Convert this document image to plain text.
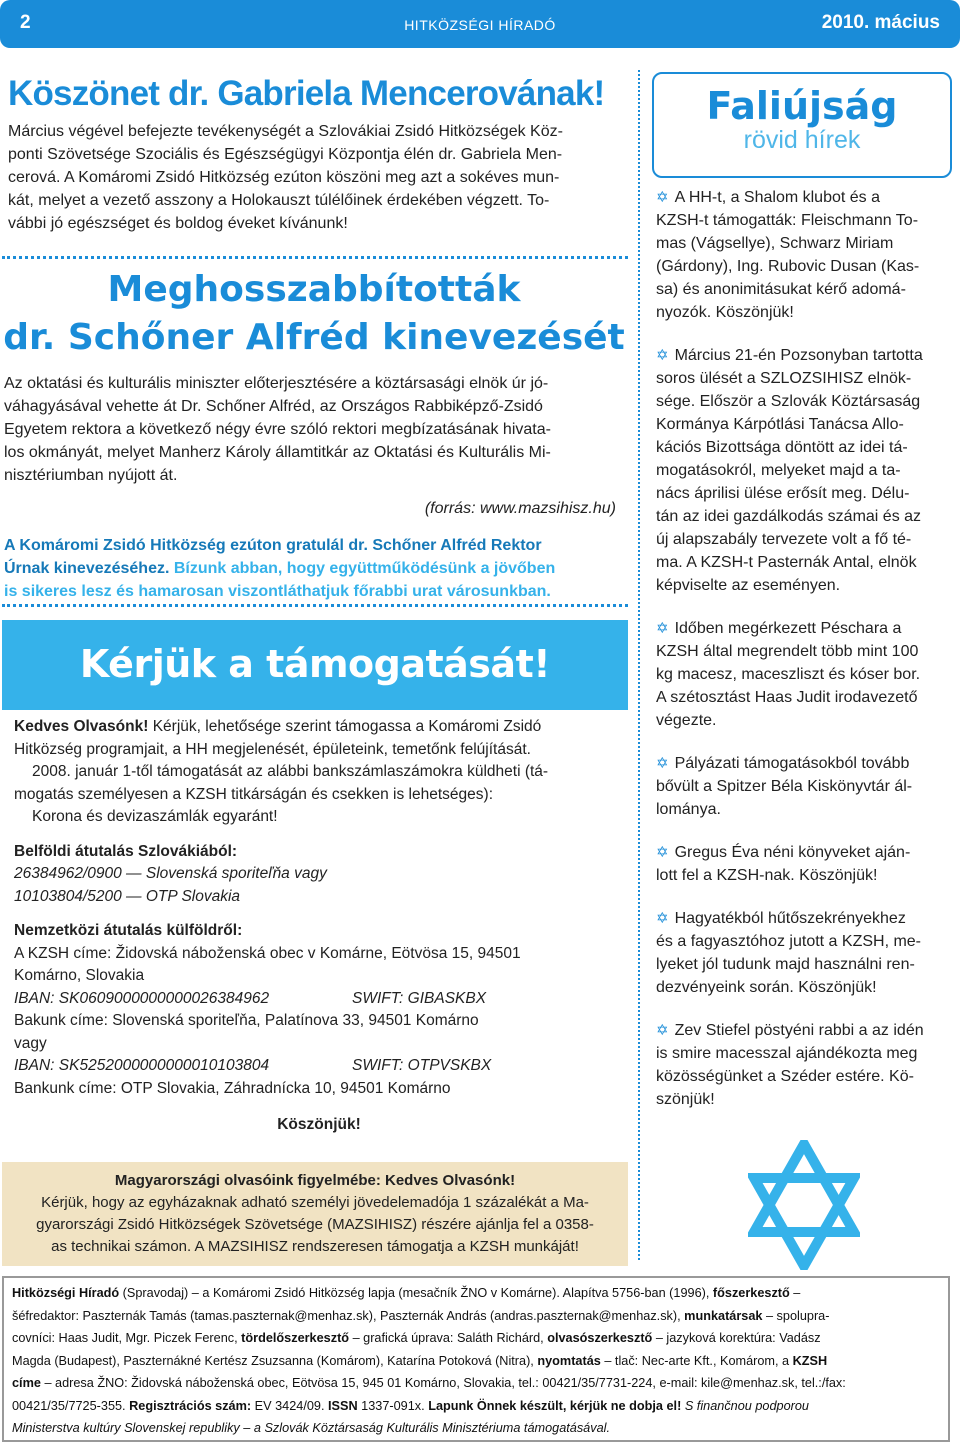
2	HITKÖZSÉGI HÍRADÓ	2010. mácius
Köszönet dr. Gabriela Mencerovának!

Március végével befejezte tevékenységét a Szlovákiai Zsidó Hitközségek Köz-

ponti Szövetsége Szociális és Egészségügyi Központja élén dr. Gabriela Men-

cerová. A Komáromi Zsidó Hitközség ezúton köszöni meg azt a sokéves mun-

kát, melyet a vezető asszony a Holokauszt túlélőinek érdekében végzett. To-

vábbi jó egészséget és boldog éveket kívánunk!

Meghosszabbították
dr. Schőner Alfréd kinevezését

Az oktatási és kulturális miniszter előterjesztésére a köztársasági elnök úr jó-

váhagyásával vehette át Dr. Schőner Alfréd, az Országos Rabbiképző-Zsidó

Egyetem rektora a következő négy évre szóló rektori megbízatásának hivata-

los okmányát, melyet Manherz Károly államtitkár az Oktatási és Kulturális Mi-

nisztériumban nyújott át.

(forrás: www.mazsihisz.hu)

A Komáromi Zsidó Hitközség ezúton gratulál dr. Schőner Alfréd Rektor
Úrnak kinevezéséhez. Bízunk abban, hogy együttműködésünk a jövőben
is sikeres lesz és hamarosan viszontláthatjuk főrabbi urat városunkban.
Kérjük a támogatását!
Kedves Olvasónk! Kérjük, lehetősége szerint támogassa a Komáromi Zsidó
Hitközség programjait, a HH megjelenését, épületeink, temetőnk felújítását.
2008. január 1-től támogatását az alábbi bankszámlaszámokra küldheti (tá-
mogatás személyesen a KZSH titkárságán és csekken is lehetséges):
Korona és devizaszámlák egyaránt!
Belföldi átutalás Szlovákiából:
26384962/0900 — Slovenská sporiteľňa vagy
10103804/5200 — OTP Slovakia
Nemzetközi átutalás külföldről:
A KZSH címe: Židovská náboženská obec v Komárne, Eötvösa 15, 94501
Komárno, Slovakia
IBAN: SK0609000000000026384962	SWIFT: GIBASKBX
Bakunk címe: Slovenská sporiteľňa, Palatínova 33, 94501 Komárno
vagy
IBAN: SK5252000000000010103804	SWIFT: OTPVSKBX
Bankunk címe: OTP Slovakia, Záhradnícka 10, 94501 Komárno
Köszönjük!

Magyarországi olvasóink figyelmébe: Kedves Olvasónk!

Kérjük, hogy az egyházaknak adható személyi jövedelemadója 1 százalékát a Ma-

gyarországi Zsidó Hitközségek Szövetsége (MAZSIHISZ) részére ajánlja fel a 0358-

as technikai számon. A MAZSIHISZ rendszeresen támogatja a KZSH munkáját!

Faliújság
rövid hírek

✡ A HH-t, a Shalom klubot és a

KZSH-t támogatták: Fleischmann To-

mas (Vágsellye), Schwarz Miriam

(Gárdony), Ing. Rubovic Dusan (Kas-

sa) és anonimitásukat kérő adomá-

nyozók. Köszönjük!

✡ Március 21-én Pozsonyban tartotta

soros ülését a SZLOZSIHISZ elnök-

sége. Először a Szlovák Köztársaság

Kormánya Kárpótlási Tanácsa Allo-

kációs Bizottsága döntött az idei tá-

mogatásokról, melyeket majd a ta-

nács áprilisi ülése erősít meg. Délu-

tán az idei gazdálkodás számai és az

új alapszabály tervezete volt a fő té-

ma. A KZSH-t Pasternák Antal, elnök

képviselte az eseményen.

✡ Időben megérkezett Péschara a

KZSH által megrendelt több mint 100

kg macesz, maceszliszt és kóser bor.

A szétosztást Haas Judit irodavezető

végezte.

✡ Pályázati támogatásokból tovább

bővült a Spitzer Béla Kiskönyvtár ál-

lománya.

✡ Gregus Éva néni könyveket aján-

lott fel a KZSH-nak. Köszönjük!

✡ Hagyatékból hűtőszekrényekhez

és a fagyasztóhoz jutott a KZSH, me-

lyeket jól tudunk majd használni ren-

dezvényeink során. Köszönjük!

✡ Zev Stiefel pöstyéni rabbi a az idén

is smire macesszal ajándékozta meg

közösségünket a Széder estére. Kö-

szönjük!

Hitközségi Híradó (Spravodaj) – a Komáromi Zsidó Hitközség lapja (mesačník ŽNO v Komárne). Alapítva 5756-ban (1996), főszerkesztő –
šéfredaktor: Paszternák Tamás (tamas.paszternak@menhaz.sk), Paszternák András (andras.paszternak@menhaz.sk), munkatársak – spolupra-
covníci: Haas Judit, Mgr. Piczek Ferenc, tördelőszerkesztő – grafická úprava: Saláth Richárd, olvasószerkesztő – jazyková korektúra: Vadász
Magda (Budapest), Paszternákné Kertész Zsuzsanna (Komárom), Katarína Potoková (Nitra), nyomtatás – tlač: Nec-arte Kft., Komárom, a KZSH
címe – adresa ŽNO: Židovská náboženská obec, Eötvösa 15, 945 01 Komárno, Slovakia, tel.: 00421/35/7731-224, e-mail: kile@menhaz.sk, tel.:/fax:
00421/35/7725-355. Regisztrációs szám: EV 3424/09. ISSN 1337-091x. Lapunk Önnek készült, kérjük ne dobja el! S finančnou podporou
Ministerstva kultúry Slovenskej republiky – a Szlovák Köztársaság Kulturális Minisztériuma támogatásával.
